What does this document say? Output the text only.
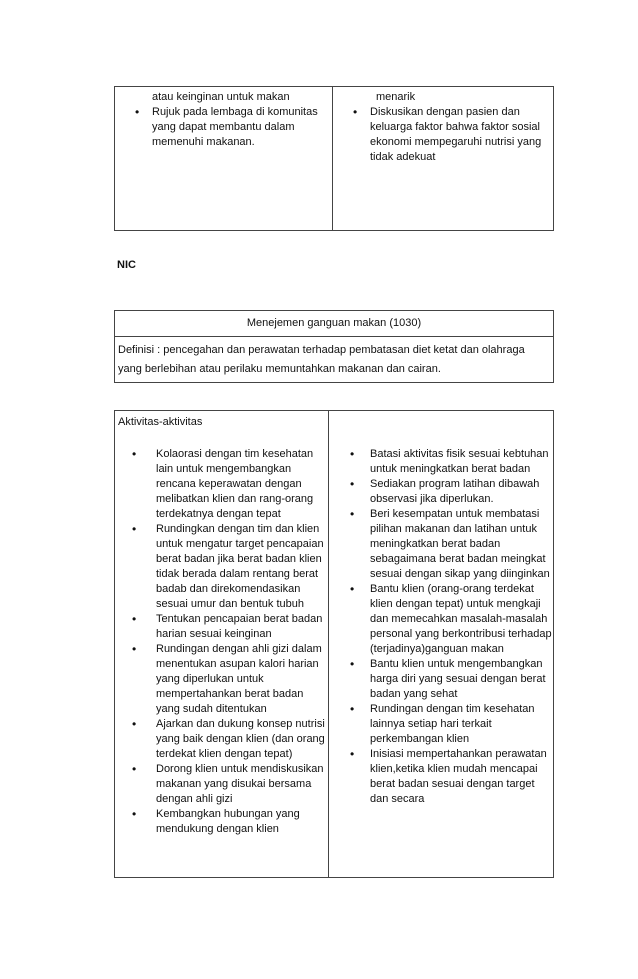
atau keinginan untuk makan
• Rujuk pada lembaga di komunitas yang dapat membantu dalam memenuhi makanan.
menarik
• Diskusikan dengan pasien dan keluarga faktor bahwa faktor sosial ekonomi mempegaruhi nutrisi yang tidak adekuat
NIC
Menejemen ganguan makan (1030)
Definisi : pencegahan dan perawatan terhadap pembatasan diet ketat dan olahraga yang berlebihan atau perilaku memuntahkan makanan dan cairan.
Aktivitas-aktivitas
• Kolaorasi dengan tim kesehatan lain untuk mengembangkan rencana keperawatan dengan melibatkan klien dan rang-orang terdekatnya dengan tepat
• Rundingkan dengan tim dan klien untuk mengatur target pencapaian berat badan jika berat badan klien tidak berada dalam rentang berat badab dan direkomendasikan sesuai umur dan bentuk tubuh
• Tentukan pencapaian berat badan harian sesuai keinginan
• Rundingan dengan ahli gizi dalam menentukan asupan kalori harian yang diperlukan untuk mempertahankan berat badan yang sudah ditentukan
• Ajarkan dan dukung konsep nutrisi yang baik dengan klien (dan orang terdekat klien dengan tepat)
• Dorong klien untuk mendiskusikan makanan yang disukai bersama dengan ahli gizi
• Kembangkan hubungan yang mendukung dengan klien
• Batasi aktivitas fisik sesuai kebtuhan untuk meningkatkan berat badan
• Sediakan program latihan dibawah observasi jika diperlukan.
• Beri kesempatan untuk membatasi pilihan makanan dan latihan untuk meningkatkan berat badan sebagaimana berat badan meingkat sesuai dengan sikap yang diinginkan
• Bantu klien (orang-orang terdekat klien dengan tepat) untuk mengkaji dan memecahkan masalah-masalah personal yang berkontribusi terhadap (terjadinya)ganguan makan
• Bantu klien untuk mengembangkan harga diri yang sesuai dengan berat badan yang sehat
• Rundingan dengan tim kesehatan lainnya setiap hari terkait perkembangan klien
• Inisiasi mempertahankan perawatan klien,ketika klien mudah mencapai berat badan sesuai dengan target dan secara
